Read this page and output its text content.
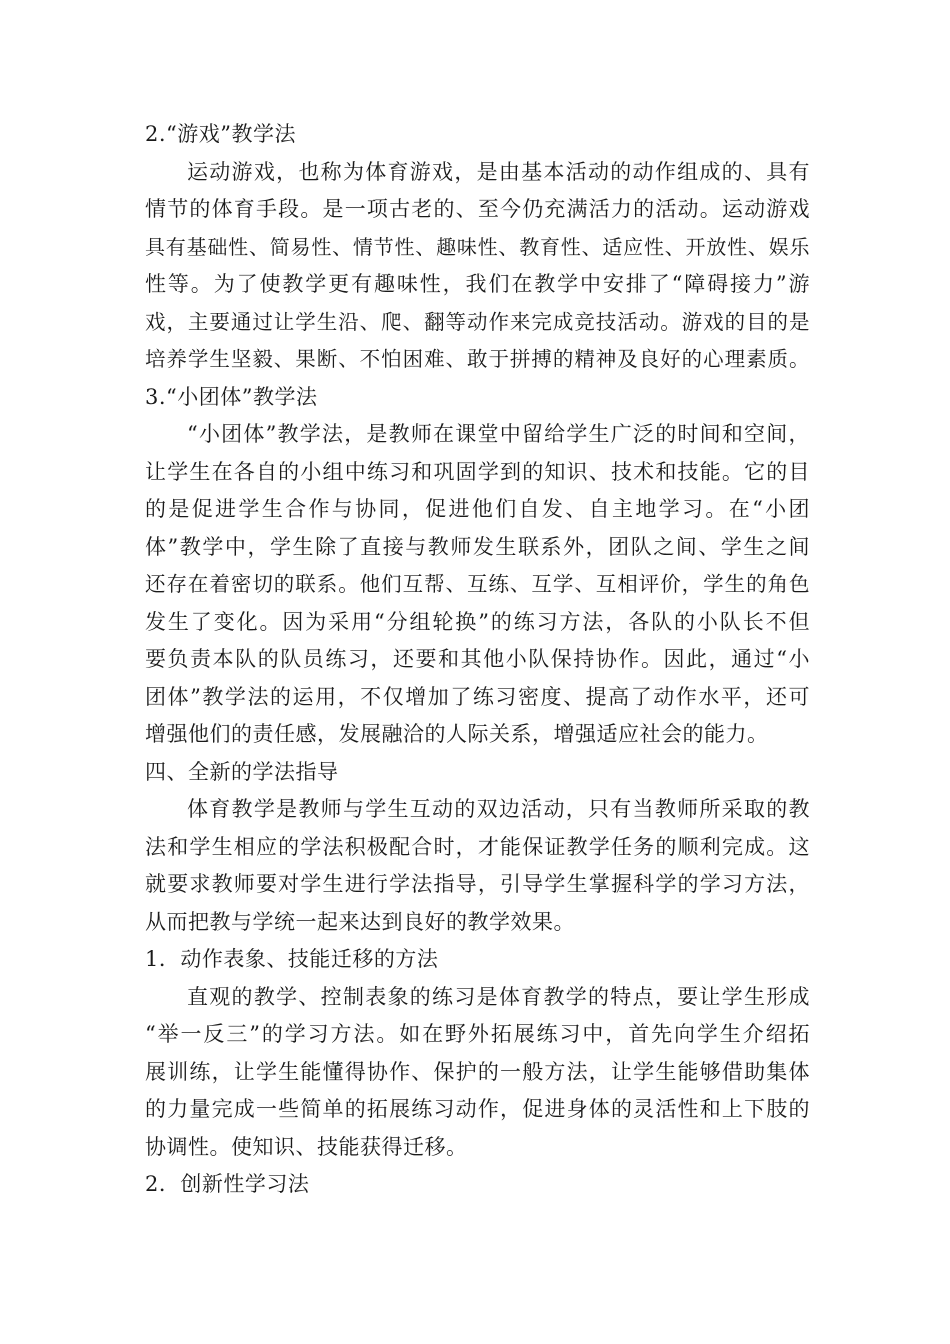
2.“游戏”教学法
运动游戏，也称为体育游戏，是由基本活动的动作组成的、具有
情节的体育手段。是一项古老的、至今仍充满活力的活动。运动游戏
具有基础性、简易性、情节性、趣味性、教育性、适应性、开放性、娱乐
性等。为了使教学更有趣味性，我们在教学中安排了“障碍接力”游
戏，主要通过让学生沿、爬、翻等动作来完成竞技活动。游戏的目的是
培养学生坚毅、果断、不怕困难、敢于拼搏的精神及良好的心理素质。
3.“小团体”教学法
“小团体”教学法，是教师在课堂中留给学生广泛的时间和空间，
让学生在各自的小组中练习和巩固学到的知识、技术和技能。它的目
的是促进学生合作与协同，促进他们自发、自主地学习。在“小团
体”教学中，学生除了直接与教师发生联系外，团队之间、学生之间
还存在着密切的联系。他们互帮、互练、互学、互相评价，学生的角色
发生了变化。因为采用“分组轮换”的练习方法，各队的小队长不但
要负责本队的队员练习，还要和其他小队保持协作。因此，通过“小
团体”教学法的运用，不仅增加了练习密度、提高了动作水平，还可
增强他们的责任感，发展融洽的人际关系，增强适应社会的能力。
四、全新的学法指导
体育教学是教师与学生互动的双边活动，只有当教师所采取的教
法和学生相应的学法积极配合时，才能保证教学任务的顺利完成。这
就要求教师要对学生进行学法指导，引导学生掌握科学的学习方法，
从而把教与学统一起来达到良好的教学效果。
1．动作表象、技能迁移的方法
直观的教学、控制表象的练习是体育教学的特点，要让学生形成
“举一反三”的学习方法。如在野外拓展练习中，首先向学生介绍拓
展训练，让学生能懂得协作、保护的一般方法，让学生能够借助集体
的力量完成一些简单的拓展练习动作，促进身体的灵活性和上下肢的
协调性。使知识、技能获得迁移。
2．创新性学习法
